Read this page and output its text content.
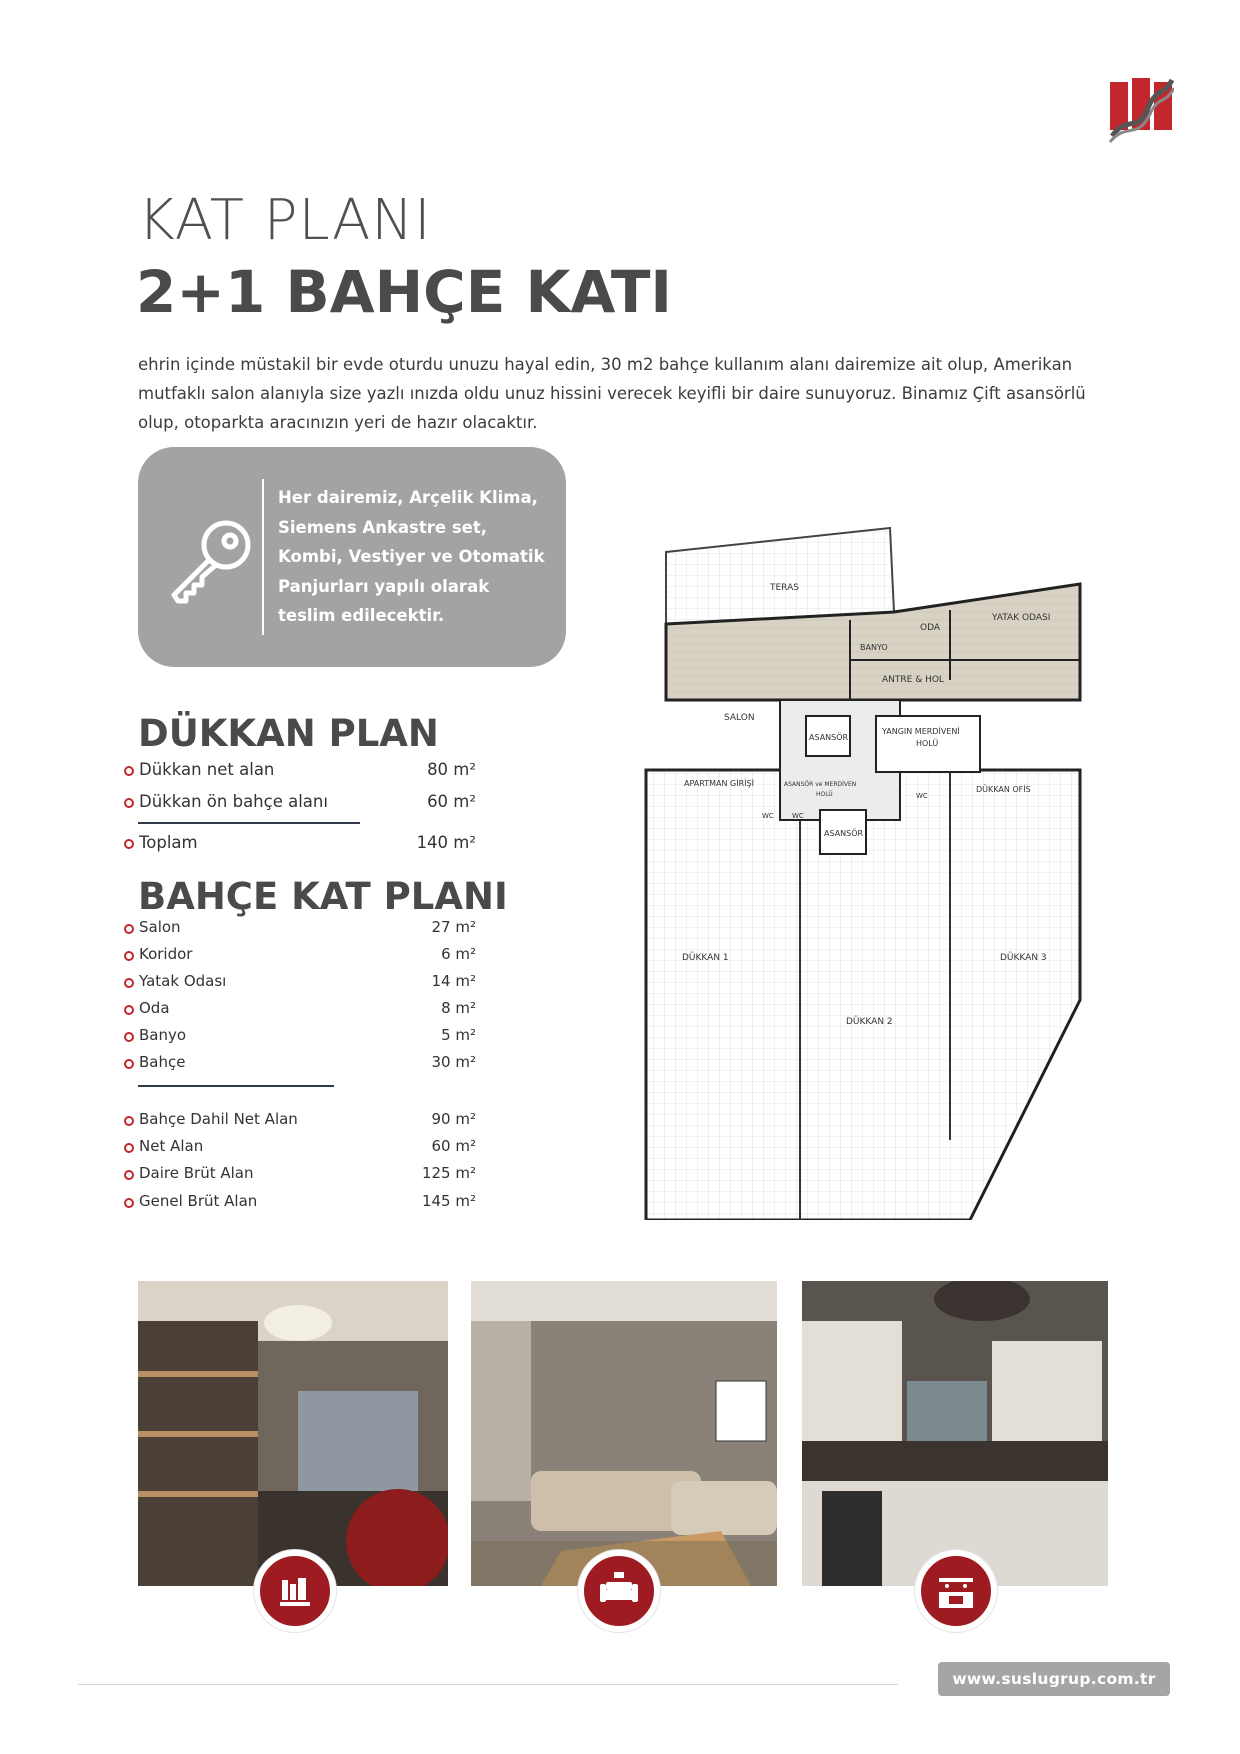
KAT PLANI
2+1 BAHÇE KATI
ehrin içinde müstakil bir evde oturdu unuzu hayal edin, 30 m2 bahçe kullanım alanı dairemize ait olup, Amerikan mutfaklı salon alanıyla size yazlı ınızda oldu unuz hissini verecek keyifli bir daire sunuyoruz. Binamız Çift asansörlü olup, otoparkta aracınızın yeri de hazır olacaktır.
Her dairemiz, Arçelik Klima, Siemens Ankastre set, Kombi, Vestiyer ve Otomatik Panjurları yapılı olarak teslim edilecektir.
DÜKKAN PLAN
Dükkan net alan	80 m²
Dükkan ön bahçe alanı	60 m²
Toplam	140 m²
BAHÇE KAT PLANI
Salon	27 m²
Koridor	6 m²
Yatak Odası	14 m²
Oda	8 m²
Banyo	5 m²
Bahçe	30 m²
Bahçe Dahil Net Alan	90 m²
Net Alan	60 m²
Daire Brüt Alan	125 m²
Genel Brüt Alan	145 m²
TERAS
BANYO
ODA
YATAK ODASI
ANTRE & HOL
SALON
ASANSÖR
YANGIN MERDİVENİ
HOLÜ
APARTMAN GİRİŞİ	ASANSÖR ve MERDİVEN
HOLÜ
WC	WC
WC
DÜKKAN OFİS
ASANSÖR
DÜKKAN 1
DÜKKAN 2
DÜKKAN 3
www.suslugrup.com.tr
